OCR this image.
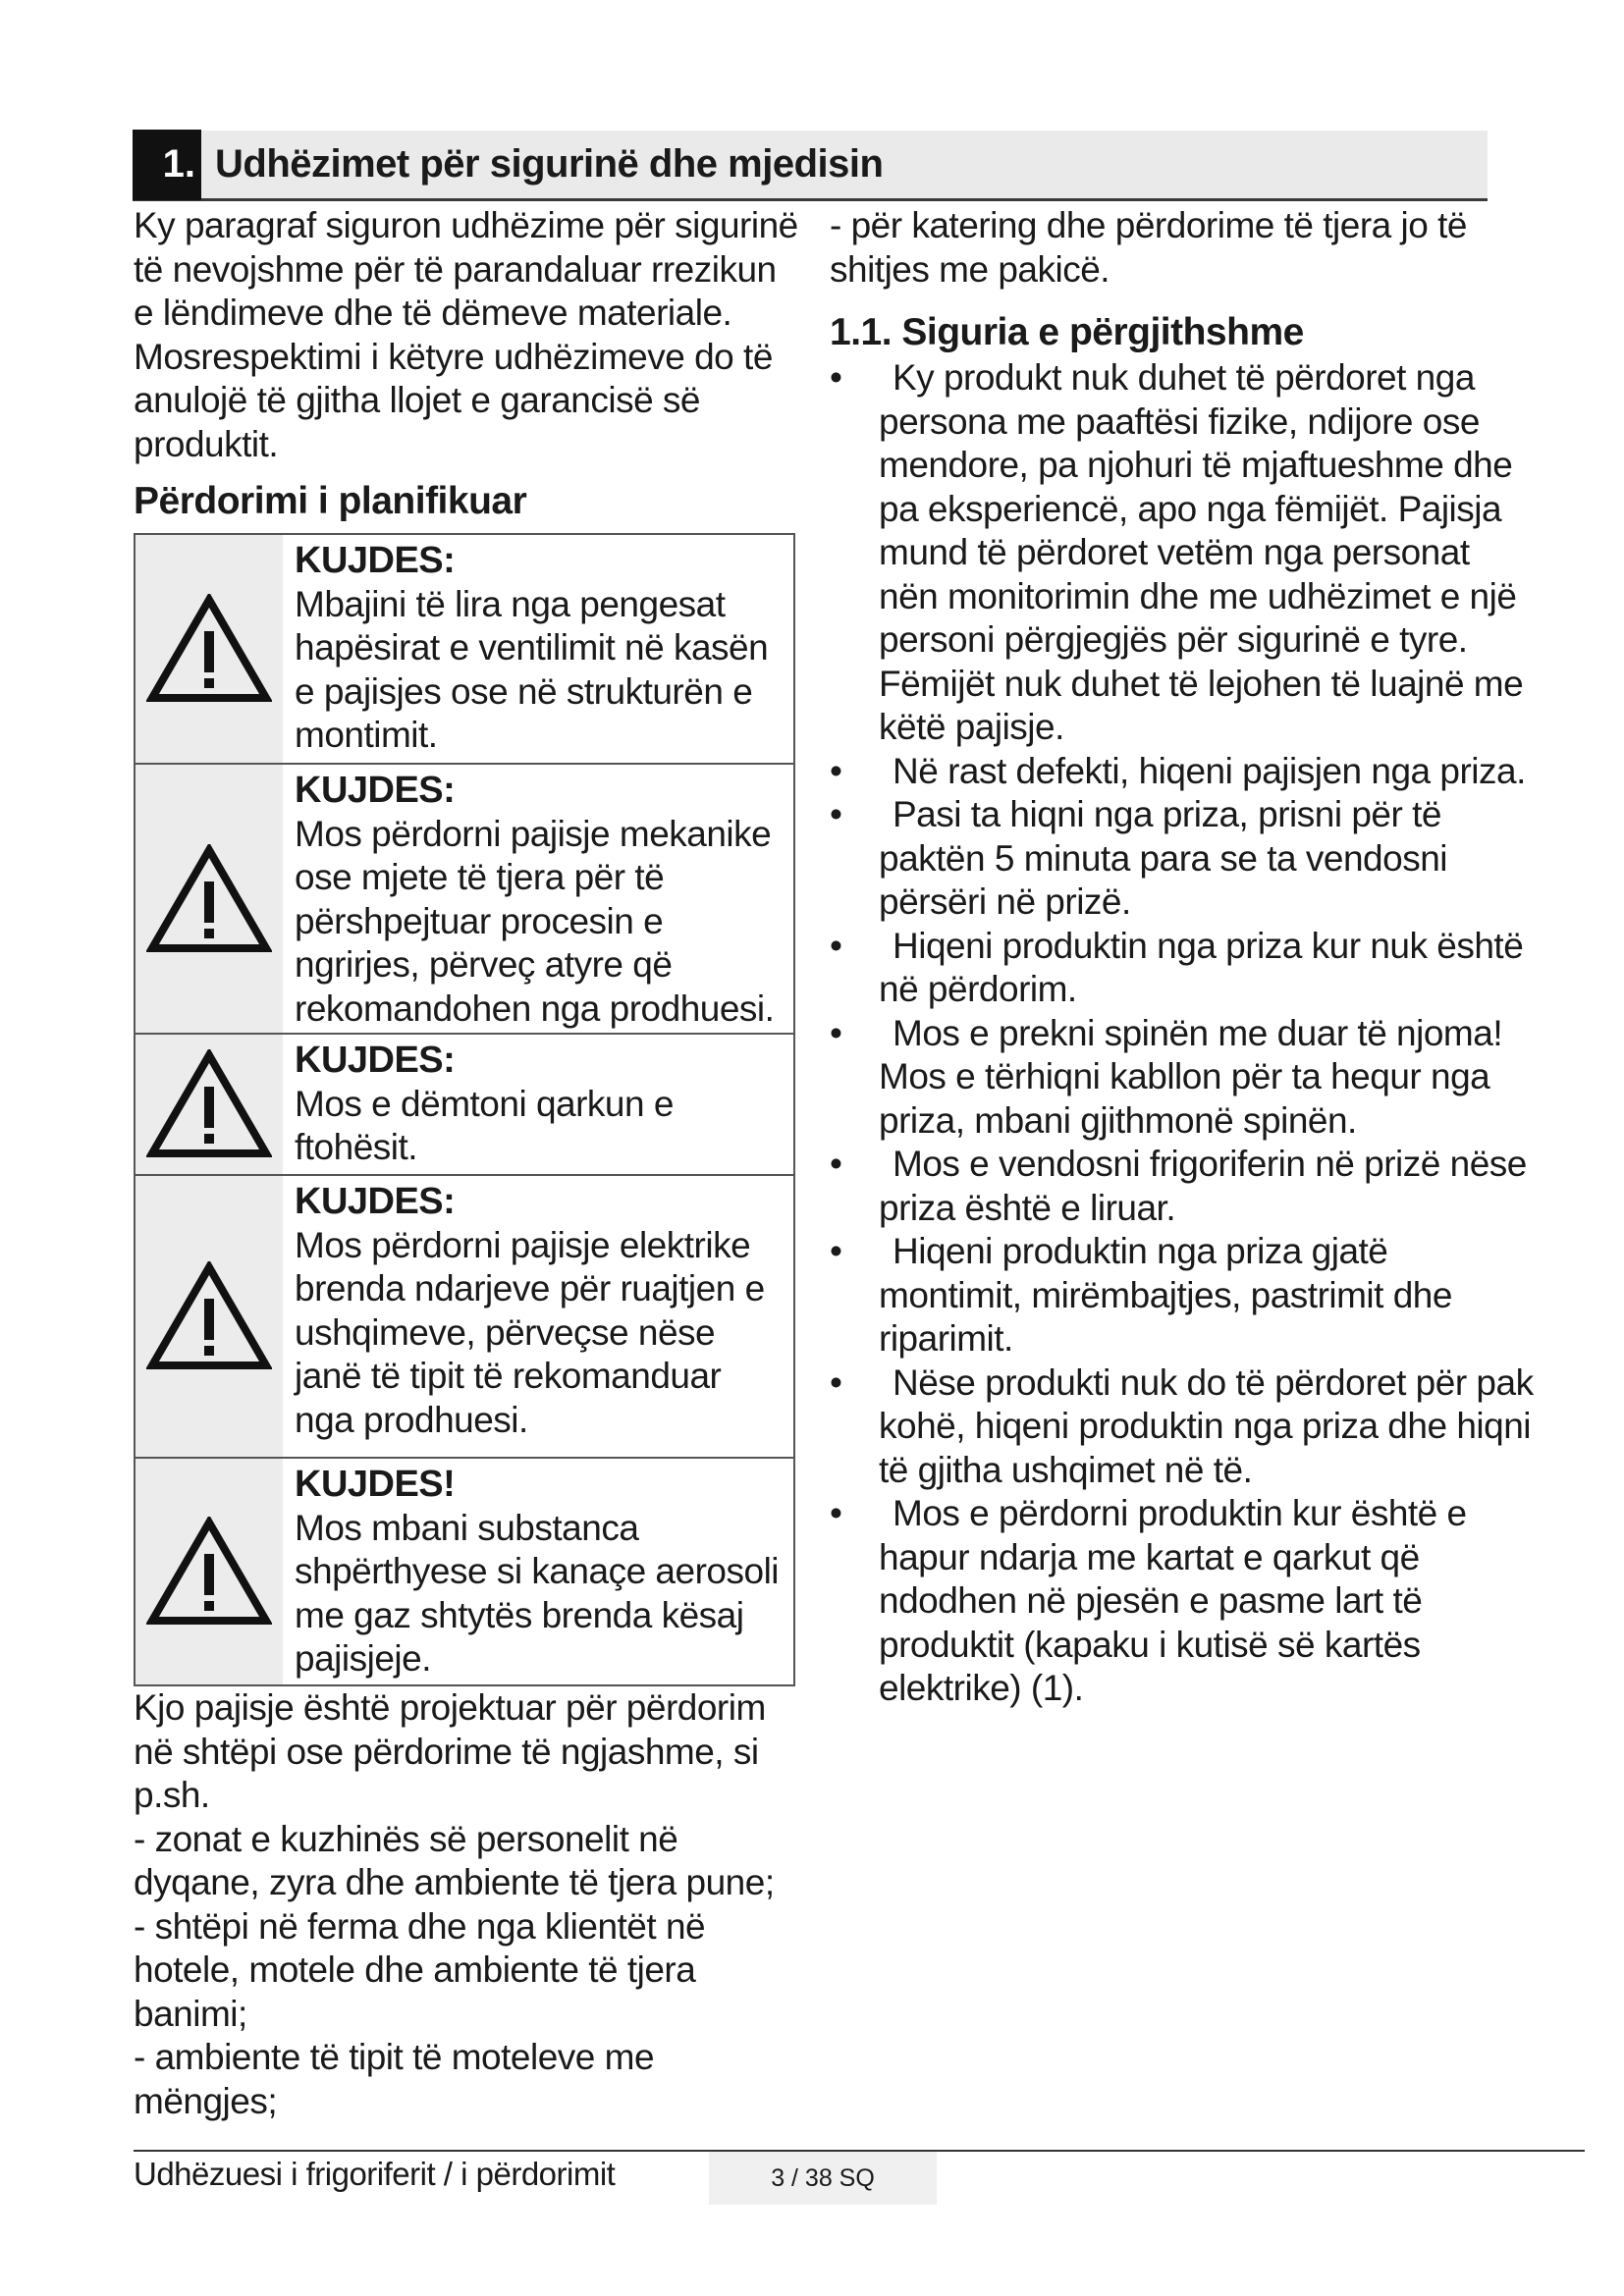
1. Udhëzimet për sigurinë dhe mjedisin

Ky paragraf siguron udhëzime për sigurinë të nevojshme për të parandaluar rrezikun e lëndimeve dhe të dëmeve materiale. Mosrespektimi i këtyre udhëzimeve do të anulojë të gjitha llojet e garancisë së produktit.

Përdorimi i planifikuar
KUJDES:
Mbajini të lira nga pengesat hapësirat e ventilimit në kasën e pajisjes ose në strukturën e montimit.
KUJDES:
Mos përdorni pajisje mekanike ose mjete të tjera për të përshpejtuar procesin e ngrirjes, përveç atyre që rekomandohen nga prodhuesi.
KUJDES:
Mos e dëmtoni qarkun e ftohësit.
KUJDES:
Mos përdorni pajisje elektrike brenda ndarjeve për ruajtjen e ushqimeve, përveçse nëse janë të tipit të rekomanduar nga prodhuesi.
KUJDES!
Mos mbani substanca shpërthyese si kanaçe aerosoli me gaz shtytës brenda kësaj pajisjeje.

Kjo pajisje është projektuar për përdorim në shtëpi ose përdorime të ngjashme, si p.sh.

- zonat e kuzhinës së personelit në dyqane, zyra dhe ambiente të tjera pune;

- shtëpi në ferma dhe nga klientët në hotele, motele dhe ambiente të tjera banimi;

- ambiente të tipit të moteleve me mëngjes;

- për katering dhe përdorime të tjera jo të shitjes me pakicë.

1.1. Siguria e përgjithshme
•	Ky produkt nuk duhet të përdoret nga persona me paaftësi fizike, ndijore ose mendore, pa njohuri të mjaftueshme dhe pa eksperiencë, apo nga fëmijët. Pajisja mund të përdoret vetëm nga personat nën monitorimin dhe me udhëzimet e një personi përgjegjës për sigurinë e tyre. Fëmijët nuk duhet të lejohen të luajnë me këtë pajisje.
•	Në rast defekti, hiqeni pajisjen nga priza.
•	Pasi ta hiqni nga priza, prisni për të paktën 5 minuta para se ta vendosni përsëri në prizë.
•	Hiqeni produktin nga priza kur nuk është në përdorim.
•	Mos e prekni spinën me duar të njoma! Mos e tërhiqni kabllon për ta hequr nga priza, mbani gjithmonë spinën.
•	Mos e vendosni frigoriferin në prizë nëse priza është e liruar.
•	Hiqeni produktin nga priza gjatë montimit, mirëmbajtjes, pastrimit dhe riparimit.
•	Nëse produkti nuk do të përdoret për pak kohë, hiqeni produktin nga priza dhe hiqni të gjitha ushqimet në të.
•	Mos e përdorni produktin kur është e hapur ndarja me kartat e qarkut që ndodhen në pjesën e pasme lart të produktit (kapaku i kutisë së kartës elektrike) (1).
Udhëzuesi i frigoriferit / i përdorimit	3 / 38 SQ
